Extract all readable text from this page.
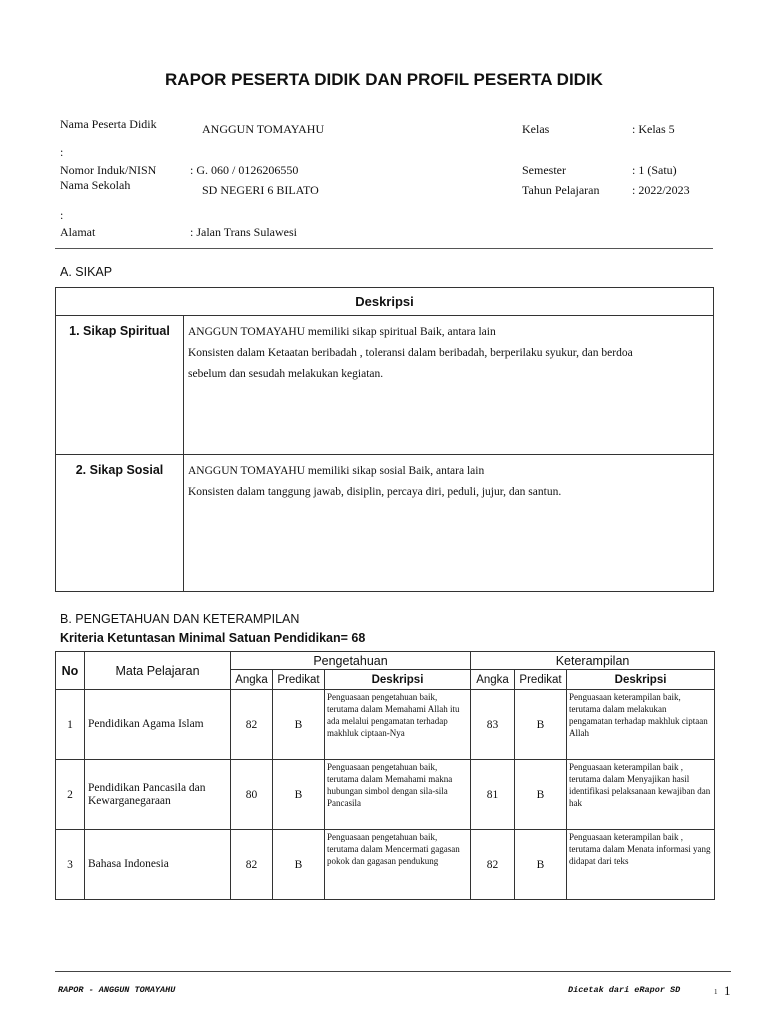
RAPOR PESERTA DIDIK DAN PROFIL PESERTA DIDIK
Nama Peserta Didik	ANGGUN TOMAYAHU
:
Nomor Induk/NISN	: G. 060 / 0126206550
Nama Sekolah	SD NEGERI 6 BILATO
:
Alamat	: Jalan Trans Sulawesi
Kelas	: Kelas 5
Semester	: 1 (Satu)
Tahun Pelajaran	: 2022/2023
A. SIKAP
Deskripsi	
1. Sikap Spiritual	ANGGUN TOMAYAHU memiliki sikap spiritual Baik, antara lain
Konsisten dalam Ketaatan beribadah , toleransi dalam beribadah, berperilaku syukur, dan berdoa
sebelum dan sesudah melakukan kegiatan.

2. Sikap Sosial	ANGGUN TOMAYAHU memiliki sikap sosial Baik, antara lain
Konsisten dalam tanggung jawab, disiplin, percaya diri, peduli, jujur, dan santun.
B. PENGETAHUAN DAN KETERAMPILAN
Kriteria Ketuntasan Minimal Satuan Pendidikan= 68
No	Mata Pelajaran	Pengetahuan			Keterampilan		
		Angka	Predikat	Deskripsi	Angka	Predikat	Deskripsi
1	Pendidikan Agama Islam	82	B	Penguasaan pengetahuan baik, terutama dalam Memahami Allah itu ada melalui pengamatan terhadap makhluk ciptaan-Nya	83	B	Penguasaan keterampilan baik, terutama dalam melakukan pengamatan terhadap makhluk ciptaan Allah
2	Pendidikan Pancasila dan Kewarganegaraan	80	B	Penguasaan pengetahuan baik, terutama dalam Memahami makna hubungan simbol dengan sila-sila Pancasila	81	B	Penguasaan keterampilan baik , terutama dalam Menyajikan hasil identifikasi pelaksanaan kewajiban dan hak
3	Bahasa Indonesia	82	B	Penguasaan pengetahuan baik, terutama dalam Mencermati gagasan pokok dan gagasan pendukung	82	B	Penguasaan keterampilan baik , terutama dalam Menata informasi yang didapat dari teks
RAPOR - ANGGUN TOMAYAHU	Dicetak dari eRapor SD	1 1
